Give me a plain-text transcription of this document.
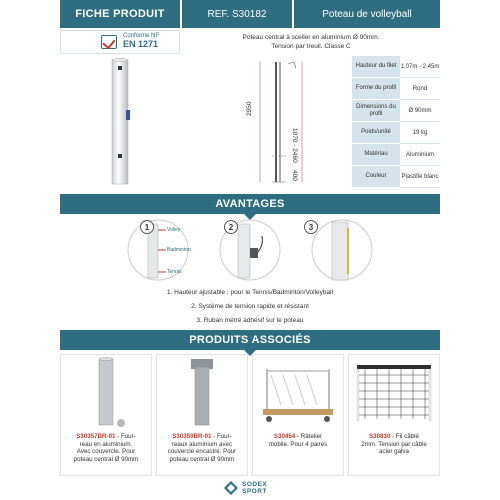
FICHE PRODUIT	REF. S30182	Poteau de volleyball
Conforme NF
EN 1271
Poteau central à sceller en aluminium Ø 90mm.
Tension par treuil. Classe C
2950
1070 - 2460
400
Hauteur du filet 1.07m - 2.45m
Forme du profil	Rond
Dimensions du profil	Ø 90mm
Poids/unité	19 kg
Matériau	Aluminium
Couleur	Plastifié blanc
AVANTAGES
Volley
Badminton
Tennis
1	2	3
1. Hauteur ajustable : pour le Tennis/Badminton/Volleyball
2. Système de tension rapide et résistant
3. Ruban métré adhésif sur le poteau
PRODUITS ASSOCIÉS
S30357BR-01 - Four-
reau en aluminium.
Avec couvercle. Pour
poteau central Ø 90mm
S30359BR-01 - Four-
reaux aluminium avec
couvercle encastré. Pour
poteau central Ø 90mm
S30454 - Râtelier
mobile. Pour 4 paires
S30830 - Fil câblé
2mm. Tension par câble
acier galva
SODEX
SPORT
